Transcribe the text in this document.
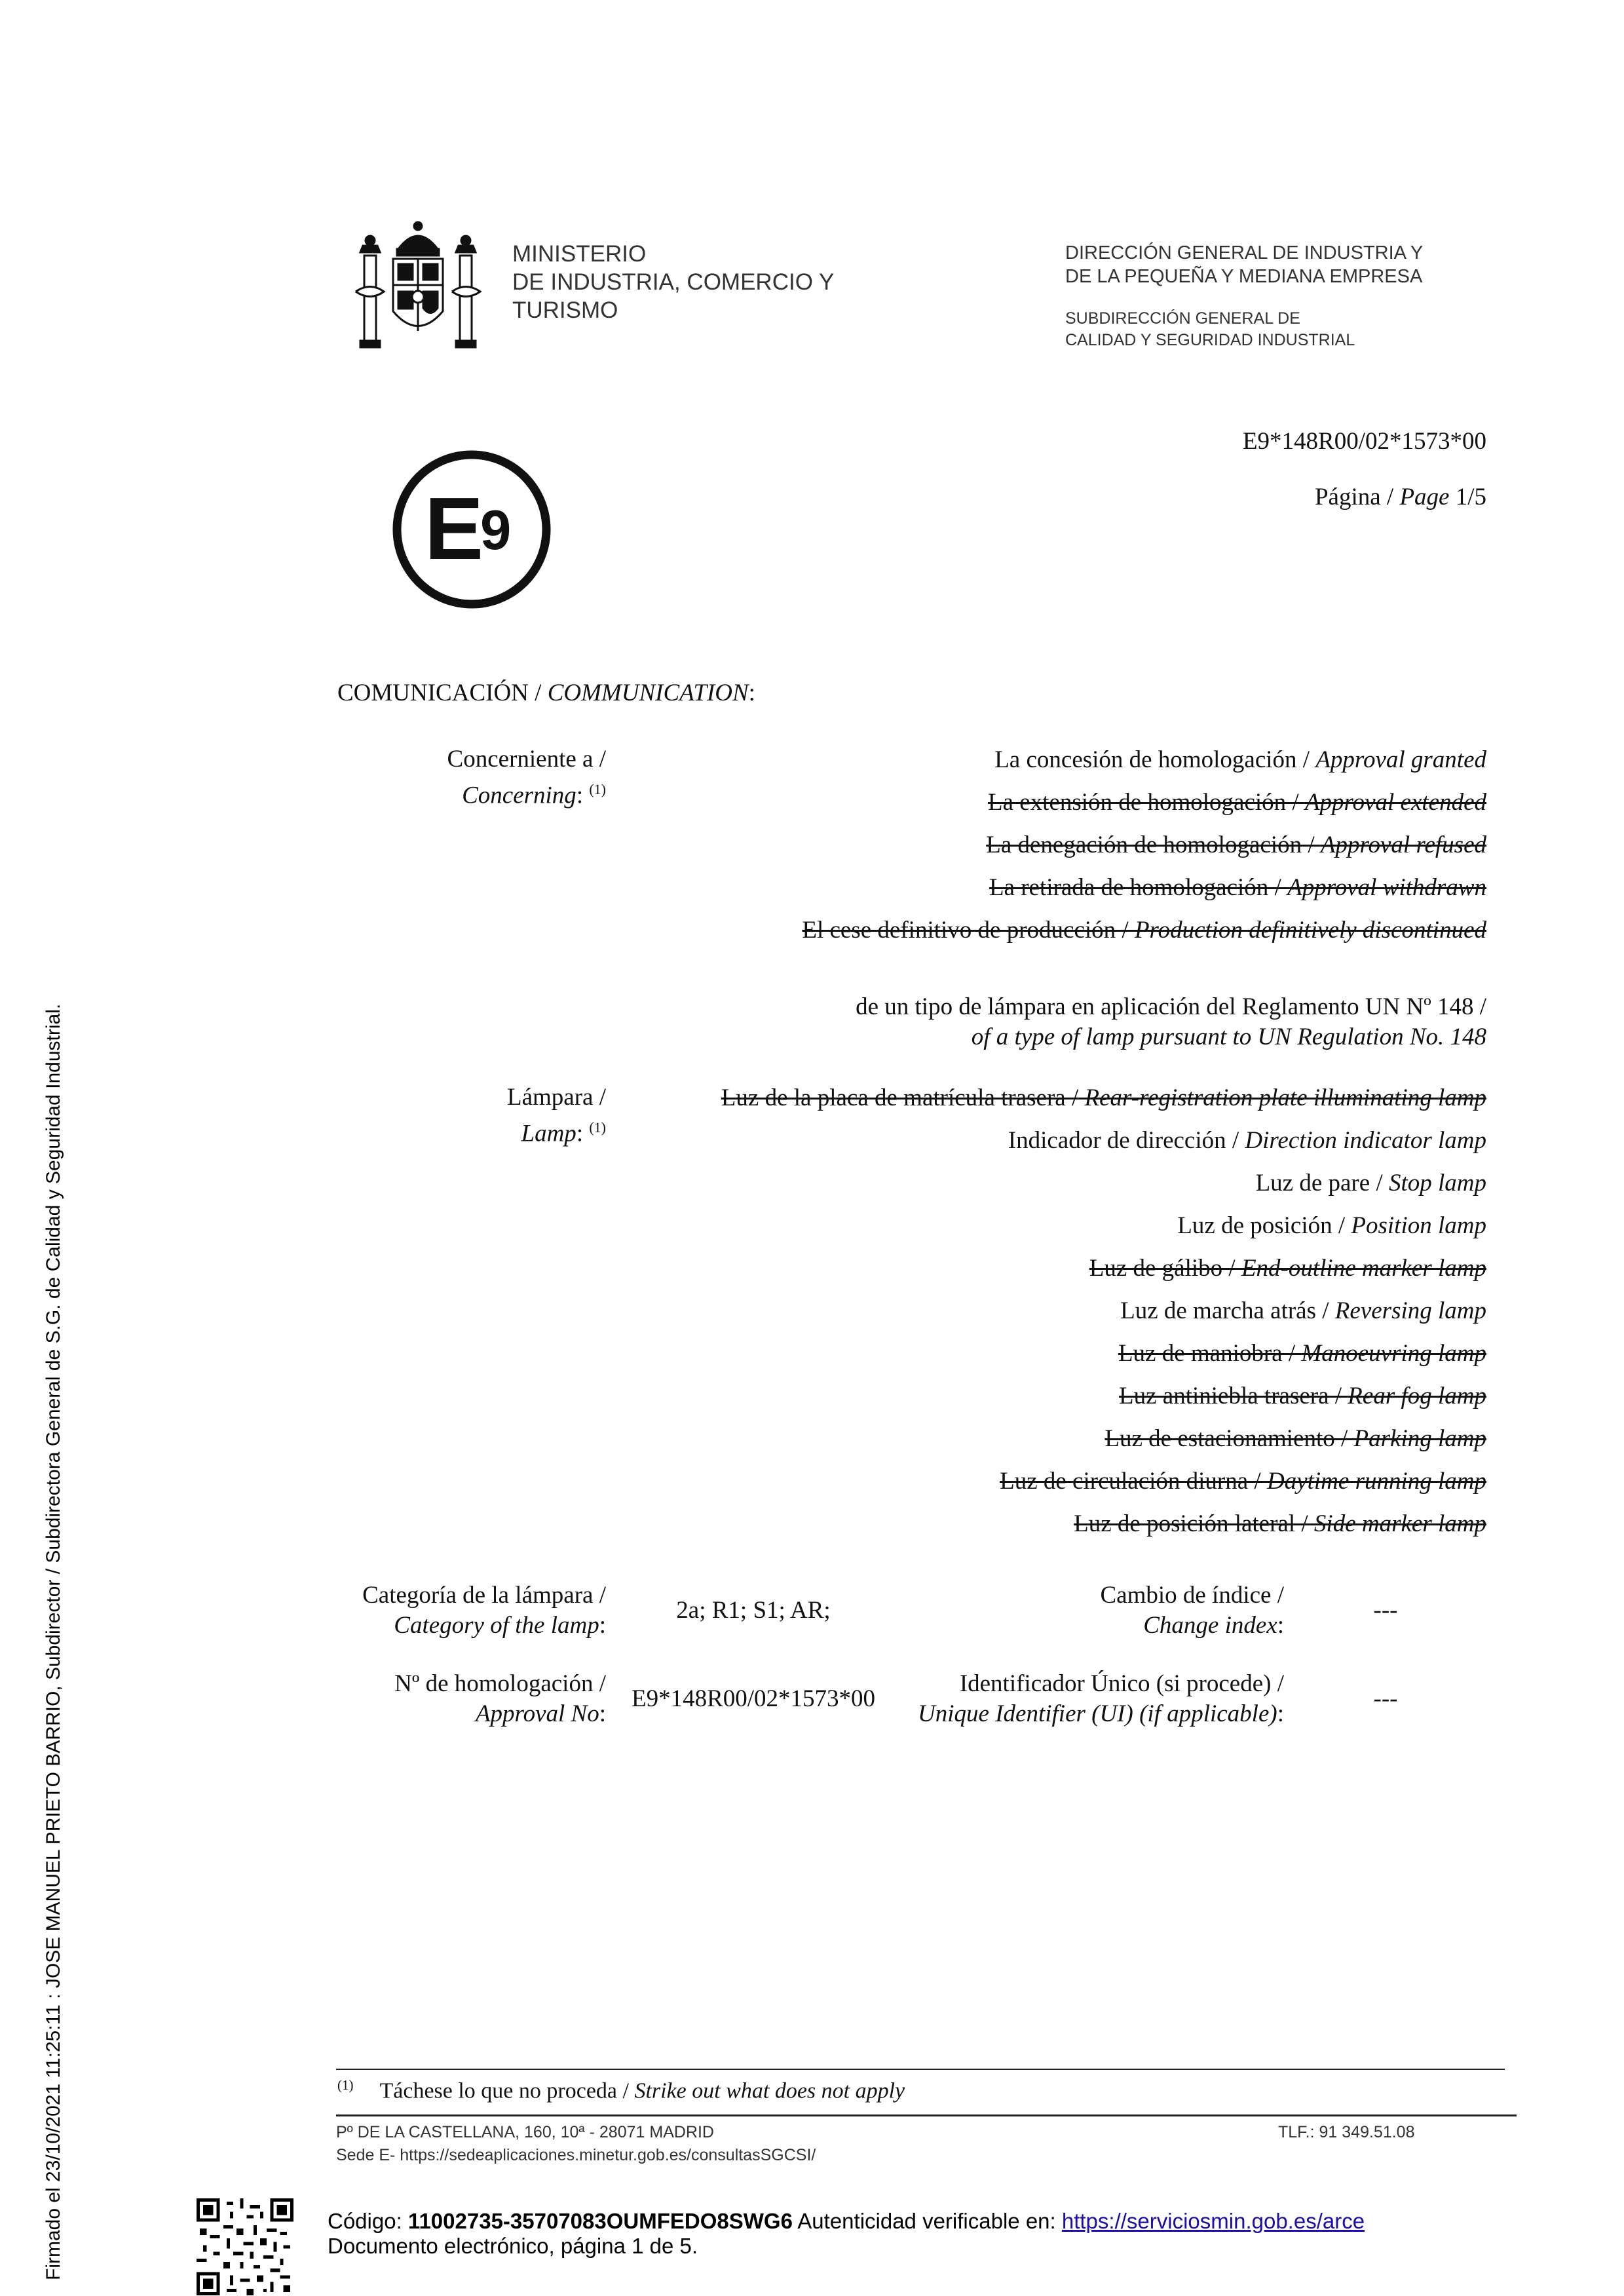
MINISTERIO
DE INDUSTRIA, COMERCIO Y
TURISMO
DIRECCIÓN GENERAL DE INDUSTRIA Y
DE LA PEQUEÑA Y MEDIANA EMPRESA
SUBDIRECCIÓN GENERAL DE
CALIDAD Y SEGURIDAD INDUSTRIAL
E9*148R00/02*1573*00
Página / Page 1/5
E
9
COMUNICACIÓN / COMMUNICATION:
Concerniente a /
Concerning: $^{(1)}$
La concesión de homologación / Approval granted
La extensión de homologación / Approval extended
La denegación de homologación / Approval refused
La retirada de homologación / Approval withdrawn
El cese definitivo de producción / Production definitively discontinued
de un tipo de lámpara en aplicación del Reglamento UN Nº 148 /
of a type of lamp pursuant to UN Regulation No. 148
Lámpara /
Lamp: $^{(1)}$
Luz de la placa de matrícula trasera / Rear-registration plate illuminating lamp
Indicador de dirección / Direction indicator lamp
Luz de pare / Stop lamp
Luz de posición / Position lamp
Luz de gálibo / End-outline marker lamp
Luz de marcha atrás / Reversing lamp
Luz de maniobra / Manoeuvring lamp
Luz antiniebla trasera / Rear fog lamp
Luz de estacionamiento / Parking lamp
Luz de circulación diurna / Daytime running lamp
Luz de posición lateral / Side marker lamp
Categoría de la lámpara /
Category of the lamp:
2a; R1; S1; AR;
Cambio de índice /
Change index:
---
Nº de homologación /
Approval No:
E9*148R00/02*1573*00
Identificador Único (si procede) /
Unique Identifier (UI) (if applicable):
---
$^{(1)}$ Táchese lo que no proceda / Strike out what does not apply
Pº DE LA CASTELLANA, 160, 10ª - 28071 MADRID	TLF.: 91 349.51.08
Sede E- https://sedeaplicaciones.minetur.gob.es/consultasSGCSI/
Código: 11002735-35707083OUMFEDO8SWG6 Autenticidad verificable en: https://serviciosmin.gob.es/arce
Documento electrónico, página 1 de 5.
Firmado el 23/10/2021 11:25:11 : JOSE MANUEL PRIETO BARRIO, Subdirector / Subdirectora General de S.G. de Calidad y Seguridad Industrial.
